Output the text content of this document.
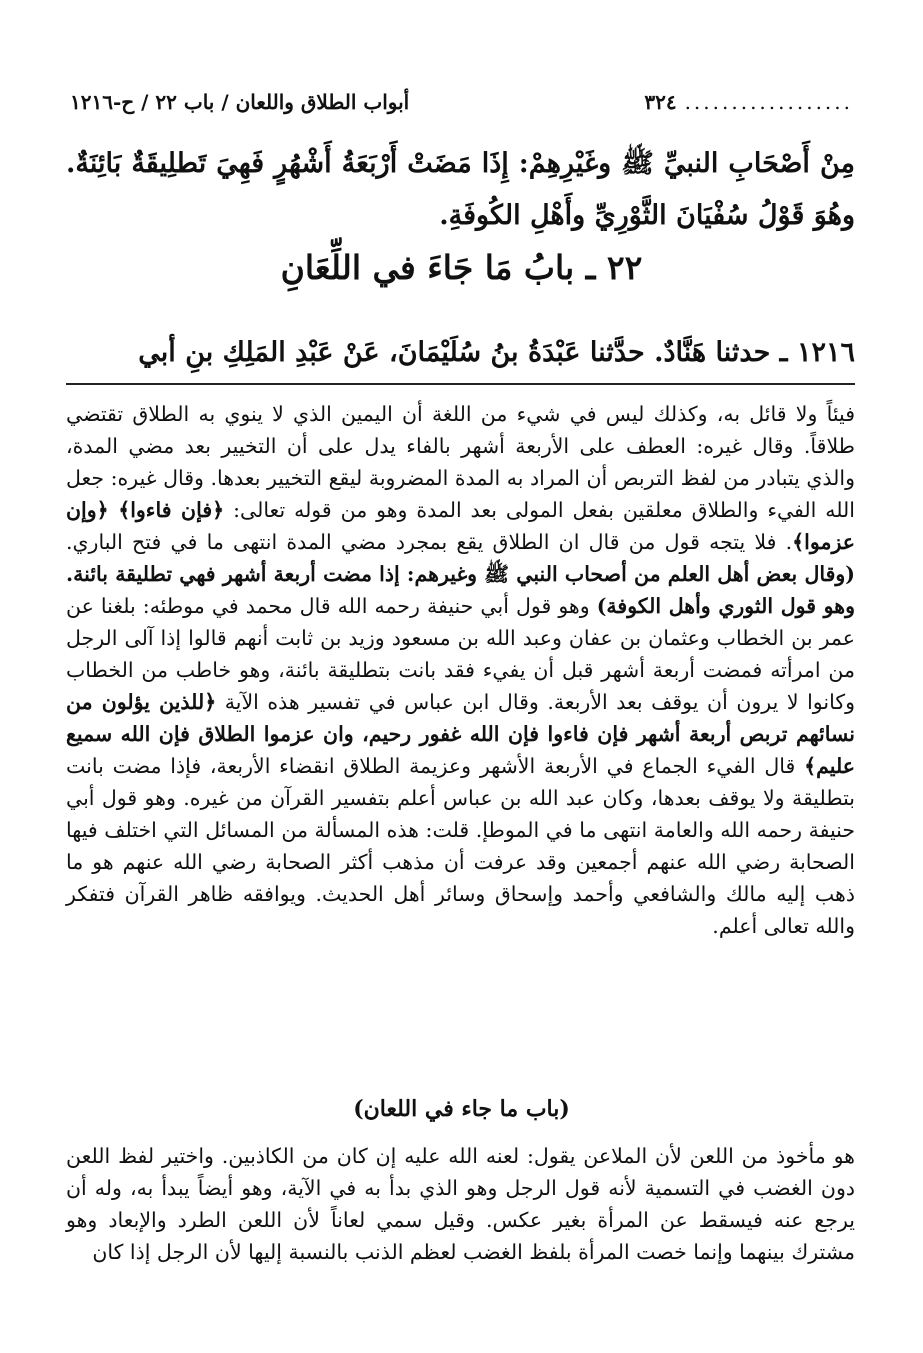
أبواب الطلاق واللعان / باب ٢٢ / ح-١٢١٦	..................
٣٢٤

مِنْ أَصْحَابِ النبيِّ ﷺ وغَيْرِهِمْ: إِذَا مَضَتْ أَرْبَعَةُ أَشْهُرٍ فَهِيَ تَطلِيقَةٌ بَائِنَةٌ. وهُوَ قَوْلُ سُفْيَانَ الثَّوْرِيِّ وأَهْلِ الكُوفَةِ.

٢٢ ـ بابُ مَا جَاءَ في اللِّعَانِ

١٢١٦ ـ حدثنا هَنَّادٌ. حدَّثنا عَبْدَةُ بنُ سُلَيْمَانَ، عَنْ عَبْدِ المَلِكِ بنِ أبي

فيئاً ولا قائل به، وكذلك ليس في شيء من اللغة أن اليمين الذي لا ينوي به الطلاق تقتضي طلاقاً. وقال غيره: العطف على الأربعة أشهر بالفاء يدل على أن التخيير بعد مضي المدة، والذي يتبادر من لفظ التربص أن المراد به المدة المضروبة ليقع التخيير بعدها. وقال غيره: جعل الله الفيء والطلاق معلقين بفعل المولى بعد المدة وهو من قوله تعالى: ﴿فإن فاءوا﴾ ﴿وإن عزموا﴾. فلا يتجه قول من قال ان الطلاق يقع بمجرد مضي المدة انتهى ما في فتح الباري. (وقال بعض أهل العلم من أصحاب النبي ﷺ وغيرهم: إذا مضت أربعة أشهر فهي تطليقة بائنة. وهو قول الثوري وأهل الكوفة) وهو قول أبي حنيفة رحمه الله قال محمد في موطئه: بلغنا عن عمر بن الخطاب وعثمان بن عفان وعبد الله بن مسعود وزيد بن ثابت أنهم قالوا إذا آلى الرجل من امرأته فمضت أربعة أشهر قبل أن يفيء فقد بانت بتطليقة بائنة، وهو خاطب من الخطاب وكانوا لا يرون أن يوقف بعد الأربعة. وقال ابن عباس في تفسير هذه الآية ﴿للذين يؤلون من نسائهم تربص أربعة أشهر فإن فاءوا فإن الله غفور رحيم، وان عزموا الطلاق فإن الله سميع عليم﴾ قال الفيء الجماع في الأربعة الأشهر وعزيمة الطلاق انقضاء الأربعة، فإذا مضت بانت بتطليقة ولا يوقف بعدها، وكان عبد الله بن عباس أعلم بتفسير القرآن من غيره. وهو قول أبي حنيفة رحمه الله والعامة انتهى ما في الموطإ. قلت: هذه المسألة من المسائل التي اختلف فيها الصحابة رضي الله عنهم أجمعين وقد عرفت أن مذهب أكثر الصحابة رضي الله عنهم هو ما ذهب إليه مالك والشافعي وأحمد وإسحاق وسائر أهل الحديث. ويوافقه ظاهر القرآن فتفكر والله تعالى أعلم.

(باب ما جاء في اللعان)

هو مأخوذ من اللعن لأن الملاعن يقول: لعنه الله عليه إن كان من الكاذبين. واختير لفظ اللعن دون الغضب في التسمية لأنه قول الرجل وهو الذي بدأ به في الآية، وهو أيضاً يبدأ به، وله أن يرجع عنه فيسقط عن المرأة بغير عكس. وقيل سمي لعاناً لأن اللعن الطرد والإبعاد وهو مشترك بينهما وإنما خصت المرأة بلفظ الغضب لعظم الذنب بالنسبة إليها لأن الرجل إذا كان
